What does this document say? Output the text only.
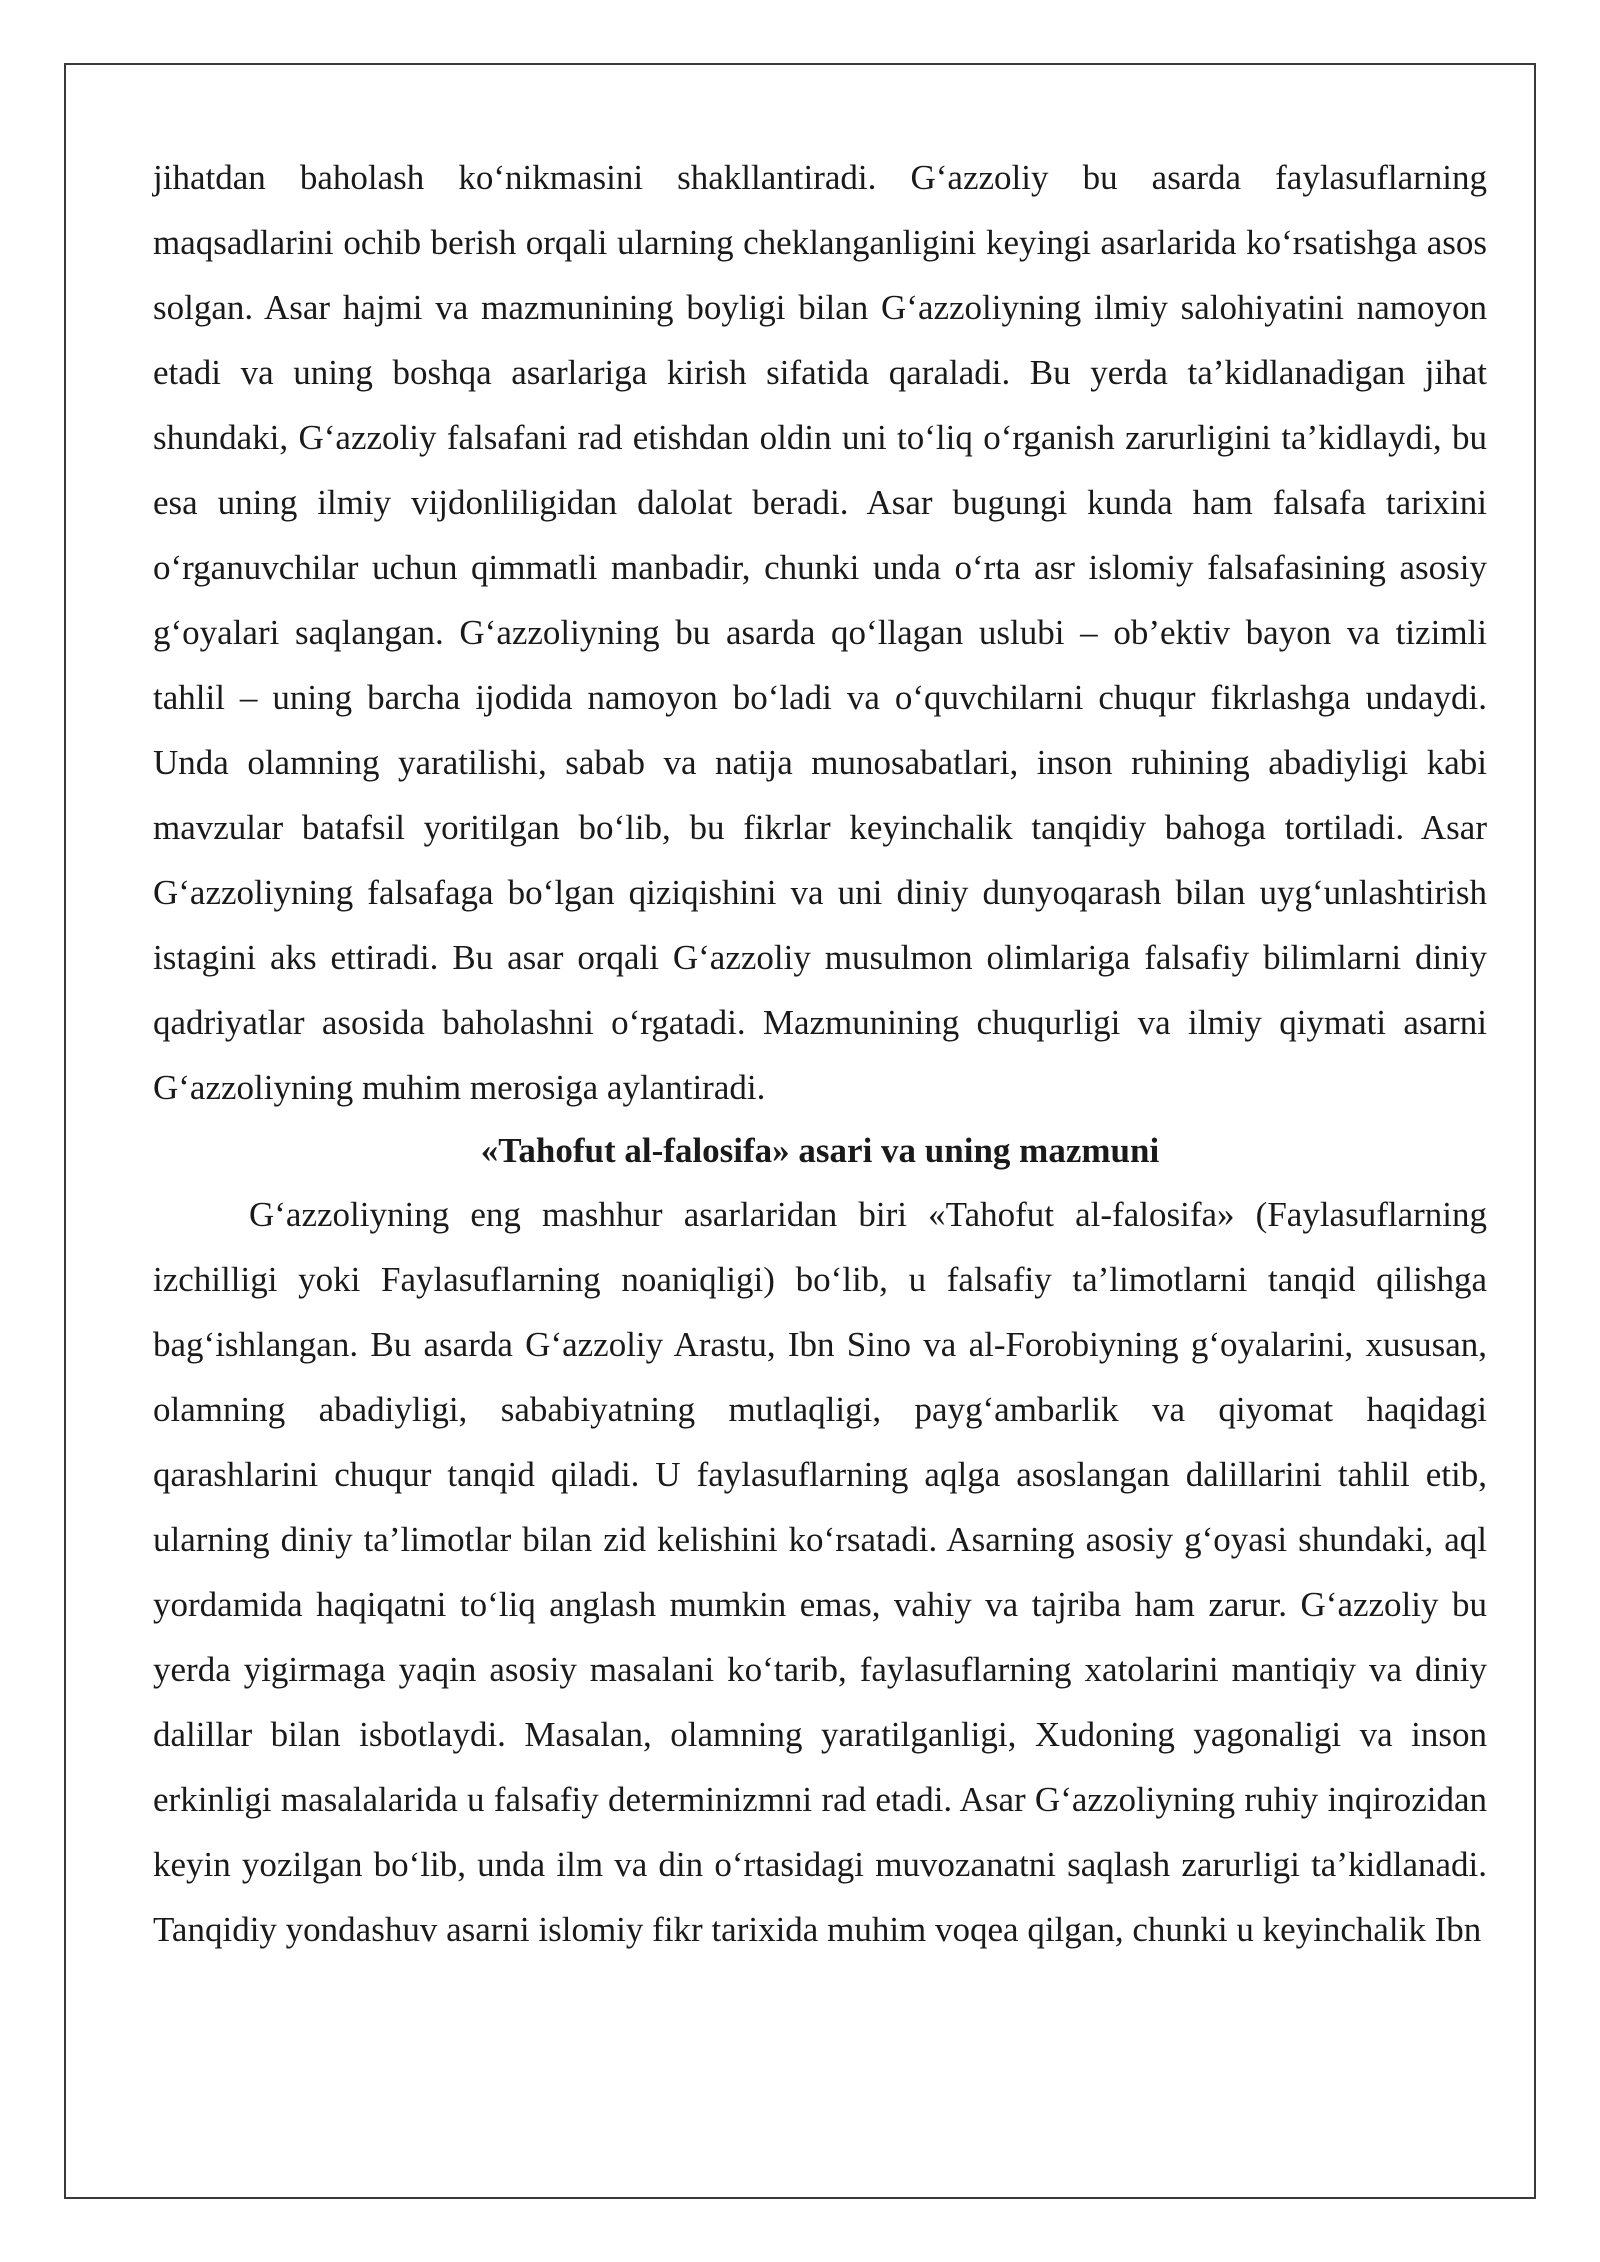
jihatdan baholash ko‘nikmasini shakllantiradi. G‘azzoliy bu asarda faylasuflarning maqsadlarini ochib berish orqali ularning cheklanganligini keyingi asarlarida ko‘rsatishga asos solgan. Asar hajmi va mazmunining boyligi bilan G‘azzoliyning ilmiy salohiyatini namoyon etadi va uning boshqa asarlariga kirish sifatida qaraladi. Bu yerda ta’kidlanadigan jihat shundaki, G‘azzoliy falsafani rad etishdan oldin uni to‘liq o‘rganish zarurligini ta’kidlaydi, bu esa uning ilmiy vijdonliligidan dalolat beradi. Asar bugungi kunda ham falsafa tarixini o‘rganuvchilar uchun qimmatli manbadir, chunki unda o‘rta asr islomiy falsafasining asosiy g‘oyalari saqlangan. G‘azzoliyning bu asarda qo‘llagan uslubi – ob’ektiv bayon va tizimli tahlil – uning barcha ijodida namoyon bo‘ladi va o‘quvchilarni chuqur fikrlashga undaydi. Unda olamning yaratilishi, sabab va natija munosabatlari, inson ruhining abadiyligi kabi mavzular batafsil yoritilgan bo‘lib, bu fikrlar keyinchalik tanqidiy bahoga tortiladi. Asar G‘azzoliyning falsafaga bo‘lgan qiziqishini va uni diniy dunyoqarash bilan uyg‘unlashtirish istagini aks ettiradi. Bu asar orqali G‘azzoliy musulmon olimlariga falsafiy bilimlarni diniy qadriyatlar asosida baholashni o‘rgatadi. Mazmunining chuqurligi va ilmiy qiymati asarni G‘azzoliyning muhim merosiga aylantiradi.

«Tahofut al-falosifa» asari va uning mazmuni

G‘azzoliyning eng mashhur asarlaridan biri «Tahofut al-falosifa» (Faylasuflarning izchilligi yoki Faylasuflarning noaniqligi) bo‘lib, u falsafiy ta’limotlarni tanqid qilishga bag‘ishlangan. Bu asarda G‘azzoliy Arastu, Ibn Sino va al-Forobiyning g‘oyalarini, xususan, olamning abadiyligi, sababiyatning mutlaqligi, payg‘ambarlik va qiyomat haqidagi qarashlarini chuqur tanqid qiladi. U faylasuflarning aqlga asoslangan dalillarini tahlil etib, ularning diniy ta’limotlar bilan zid kelishini ko‘rsatadi. Asarning asosiy g‘oyasi shundaki, aql yordamida haqiqatni to‘liq anglash mumkin emas, vahiy va tajriba ham zarur. G‘azzoliy bu yerda yigirmaga yaqin asosiy masalani ko‘tarib, faylasuflarning xatolarini mantiqiy va diniy dalillar bilan isbotlaydi. Masalan, olamning yaratilganligi, Xudoning yagonaligi va inson erkinligi masalalarida u falsafiy determinizmni rad etadi. Asar G‘azzoliyning ruhiy inqirozidan keyin yozilgan bo‘lib, unda ilm va din o‘rtasidagi muvozanatni saqlash zarurligi ta’kidlanadi. Tanqidiy yondashuv asarni islomiy fikr tarixida muhim voqea qilgan, chunki u keyinchalik Ibn
